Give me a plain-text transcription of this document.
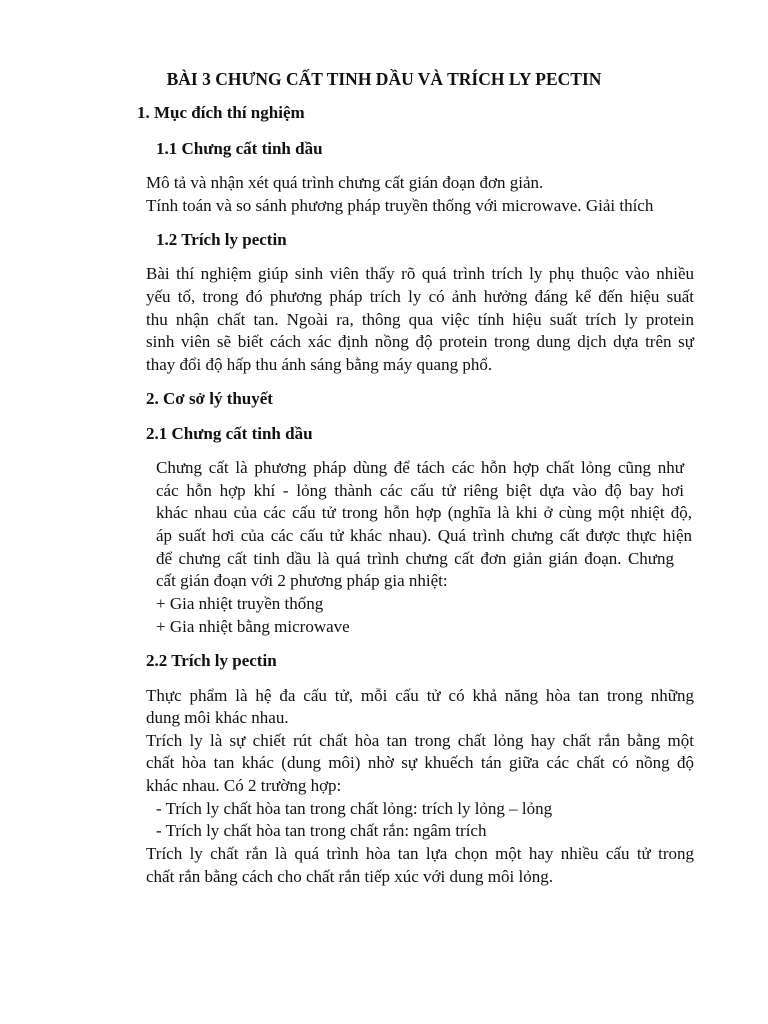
BÀI 3 CHƯNG CẤT TINH DẦU VÀ TRÍCH LY PECTIN
1. Mục đích thí nghiệm
1.1 Chưng cất tinh dầu
Mô tả và nhận xét quá trình chưng cất gián đoạn đơn giản.
Tính toán và so sánh phương pháp truyền thống với microwave. Giải thích
1.2 Trích ly pectin
Bài thí nghiệm giúp sinh viên thấy rõ quá trình trích ly phụ thuộc vào nhiều
yếu tố, trong đó phương pháp trích ly có ảnh hưởng đáng kể đến hiệu suất
thu nhận chất tan. Ngoài ra, thông qua việc tính hiệu suất trích ly protein
sinh viên sẽ biết cách xác định nồng độ protein trong dung dịch dựa trên sự
thay đổi độ hấp thu ánh sáng bằng máy quang phổ.
2. Cơ sở lý thuyết
2.1 Chưng cất tinh dầu
Chưng cất là phương pháp dùng để tách các hỗn hợp chất lỏng cũng như
các hỗn hợp khí - lỏng thành các cấu tử riêng biệt dựa vào độ bay hơi
khác nhau của các cấu tử trong hỗn hợp (nghĩa là khi ở cùng một nhiệt độ,
áp suất hơi của các cấu tử khác nhau). Quá trình chưng cất được thực hiện
để chưng cất tinh dầu là quá trình chưng cất đơn giản gián đoạn. Chưng
cất gián đoạn với 2 phương pháp gia nhiệt:
+ Gia nhiệt truyền thống
+ Gia nhiệt bằng microwave
2.2 Trích ly pectin
Thực phẩm là hệ đa cấu tử, mỗi cấu tử có khả năng hòa tan trong những
dung môi khác nhau.
Trích ly là sự chiết rút chất hòa tan trong chất lỏng hay chất rắn bằng một
chất hòa tan khác (dung môi) nhờ sự khuếch tán giữa các chất có nồng độ
khác nhau. Có 2 trường hợp:
- Trích ly chất hòa tan trong chất lỏng: trích ly lỏng – lỏng
- Trích ly chất hòa tan trong chất rắn: ngâm trích
Trích ly chất rắn là quá trình hòa tan lựa chọn một hay nhiều cấu tử trong
chất rắn bằng cách cho chất rắn tiếp xúc với dung môi lỏng.
